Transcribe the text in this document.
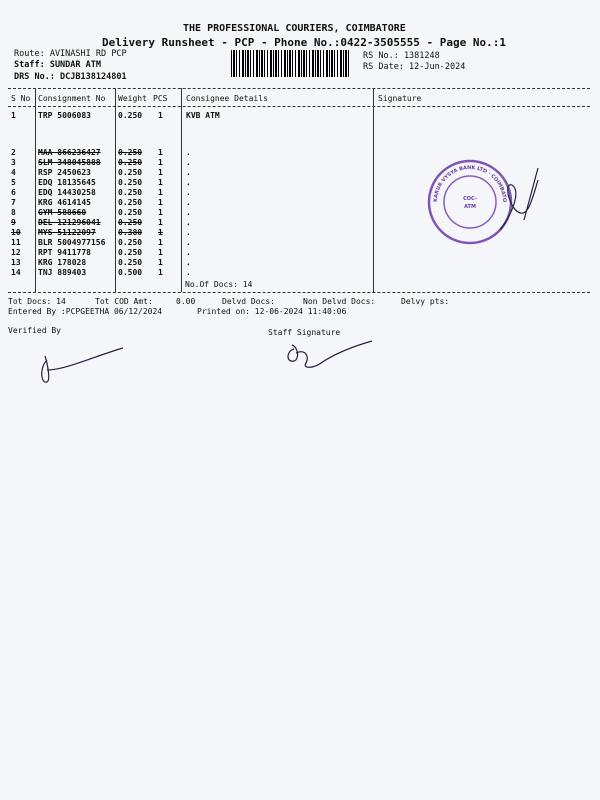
THE PROFESSIONAL COURIERS, COIMBATORE
Delivery Runsheet - PCP - Phone No.:0422-3505555 - Page No.:1
Route: AVINASHI RD PCP
Staff: SUNDAR ATM
DRS No.: DCJB138124801
RS No.: 1381248
RS Date: 12-Jun-2024
S No Consignment No Weight PCS Consignee Details	Signature
1	TRP 5006083	0.250 1	KVB ATM
2	MAA 866236427 0.250 1	.
3	SLM 348045888 0.250 1	.
4	RSP 2450623	0.250 1	.
5	EDQ 18135645	0.250 1	.
6	EDQ 14430258	0.250 1	.
7	KRG 4614145	0.250 1	.
8	GYM 588660	0.250 1	.
9	DEL 121296041 0.250 1	.
10 MYS 51122097	0.380 1	.
11 BLR 5004977156 0.250 1	.
12 RPT 9411778	0.250 1	.
13 KRG 178028	0.250 1	.
14 TNJ 889403	0.500 1	.
No.Of Docs: 14
KARUR VYSYA BANK LTD · COIMBATO
COC-
ATM
Tot Docs: 14	Tot COD Amt:	0.00	Delvd Docs:	Non Delvd Docs:	Delvy pts:
Entered By :PCPGEETHA 06/12/2024	Printed on: 12-06-2024 11:40:06
Verified By	Staff Signature
